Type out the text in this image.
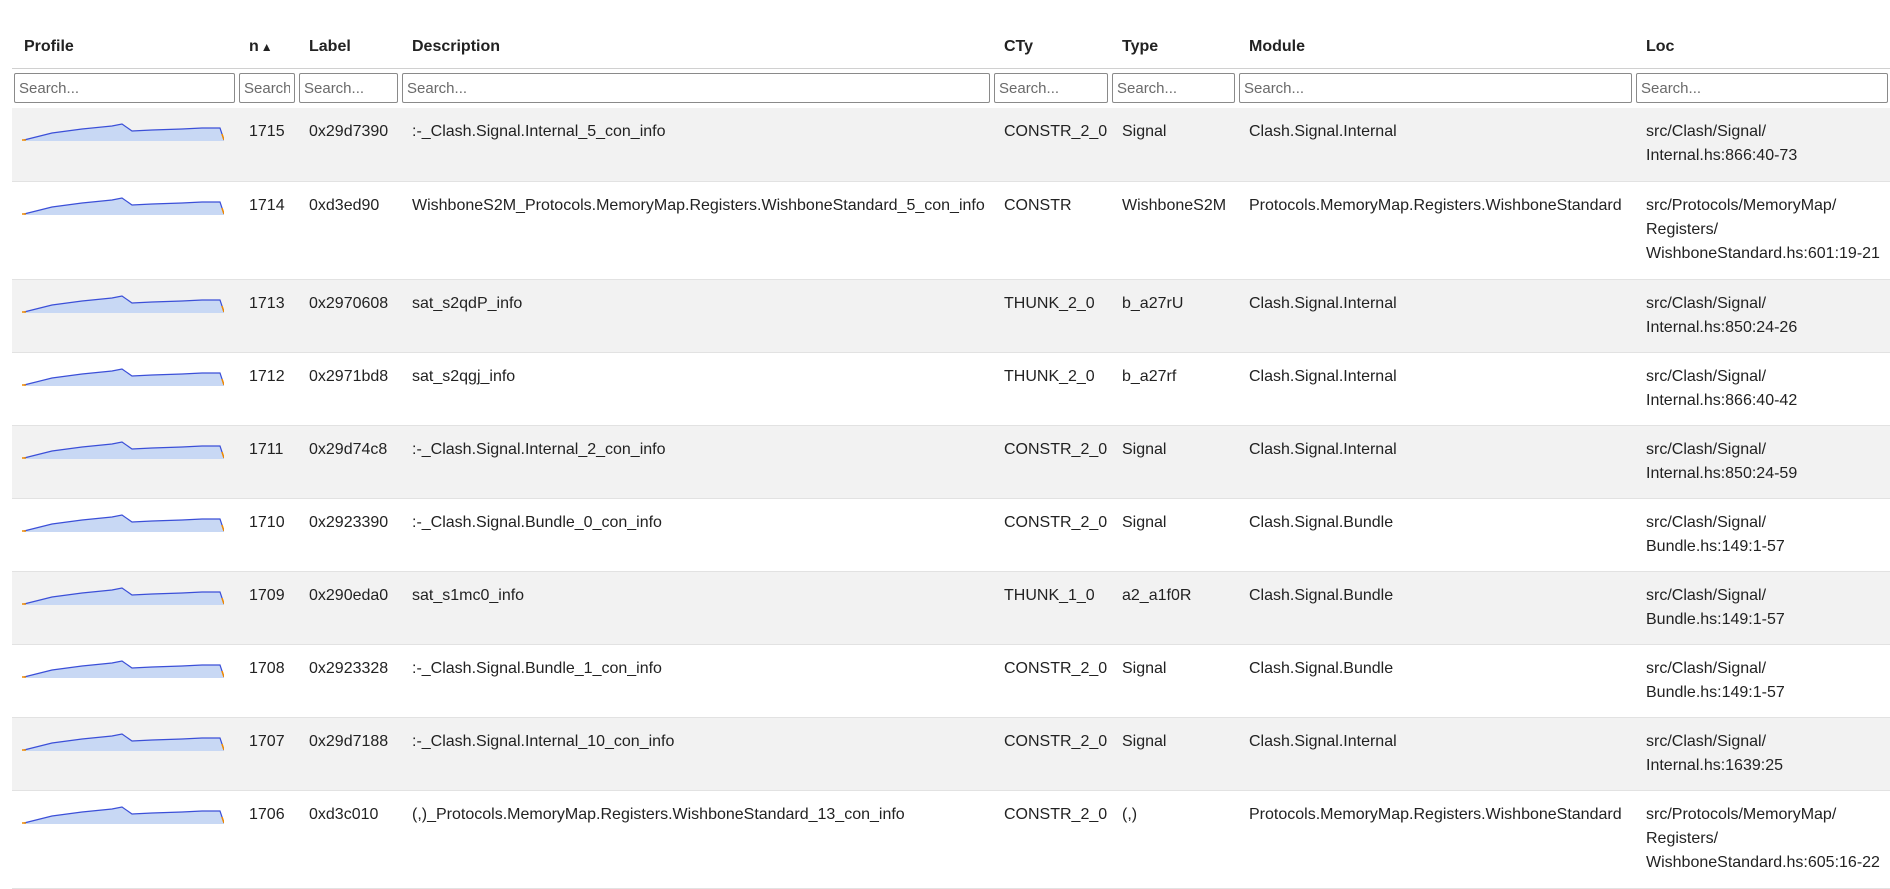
Profile	n ▲	Label	Description	CTy	Type	Module	Loc
Search...	Search...	Search...	Search...	Search...	Search...	Search...	Search...

	1715	0x29d7390	:-_Clash.Signal.Internal_5_con_info	CONSTR_2_0	Signal	Clash.Signal.Internal	src/Clash/Signal/
Internal.hs:866:40-73

	1714	0xd3ed90	WishboneS2M_Protocols.MemoryMap.Registers.WishboneStandard_5_con_info	CONSTR	WishboneS2M	Protocols.MemoryMap.Registers.WishboneStandard	src/Protocols/MemoryMap/
Registers/
WishboneStandard.hs:601:19-21

	1713	0x2970608	sat_s2qdP_info	THUNK_2_0	b_a27rU	Clash.Signal.Internal	src/Clash/Signal/
Internal.hs:850:24-26

	1712	0x2971bd8	sat_s2qgj_info	THUNK_2_0	b_a27rf	Clash.Signal.Internal	src/Clash/Signal/
Internal.hs:866:40-42

	1711	0x29d74c8	:-_Clash.Signal.Internal_2_con_info	CONSTR_2_0	Signal	Clash.Signal.Internal	src/Clash/Signal/
Internal.hs:850:24-59

	1710	0x2923390	:-_Clash.Signal.Bundle_0_con_info	CONSTR_2_0	Signal	Clash.Signal.Bundle	src/Clash/Signal/
Bundle.hs:149:1-57

	1709	0x290eda0	sat_s1mc0_info	THUNK_1_0	a2_a1f0R	Clash.Signal.Bundle	src/Clash/Signal/
Bundle.hs:149:1-57

	1708	0x2923328	:-_Clash.Signal.Bundle_1_con_info	CONSTR_2_0	Signal	Clash.Signal.Bundle	src/Clash/Signal/
Bundle.hs:149:1-57

	1707	0x29d7188	:-_Clash.Signal.Internal_10_con_info	CONSTR_2_0	Signal	Clash.Signal.Internal	src/Clash/Signal/
Internal.hs:1639:25

	1706	0xd3c010	(,)_Protocols.MemoryMap.Registers.WishboneStandard_13_con_info	CONSTR_2_0	(,)	Protocols.MemoryMap.Registers.WishboneStandard	src/Protocols/MemoryMap/
Registers/
WishboneStandard.hs:605:16-22
